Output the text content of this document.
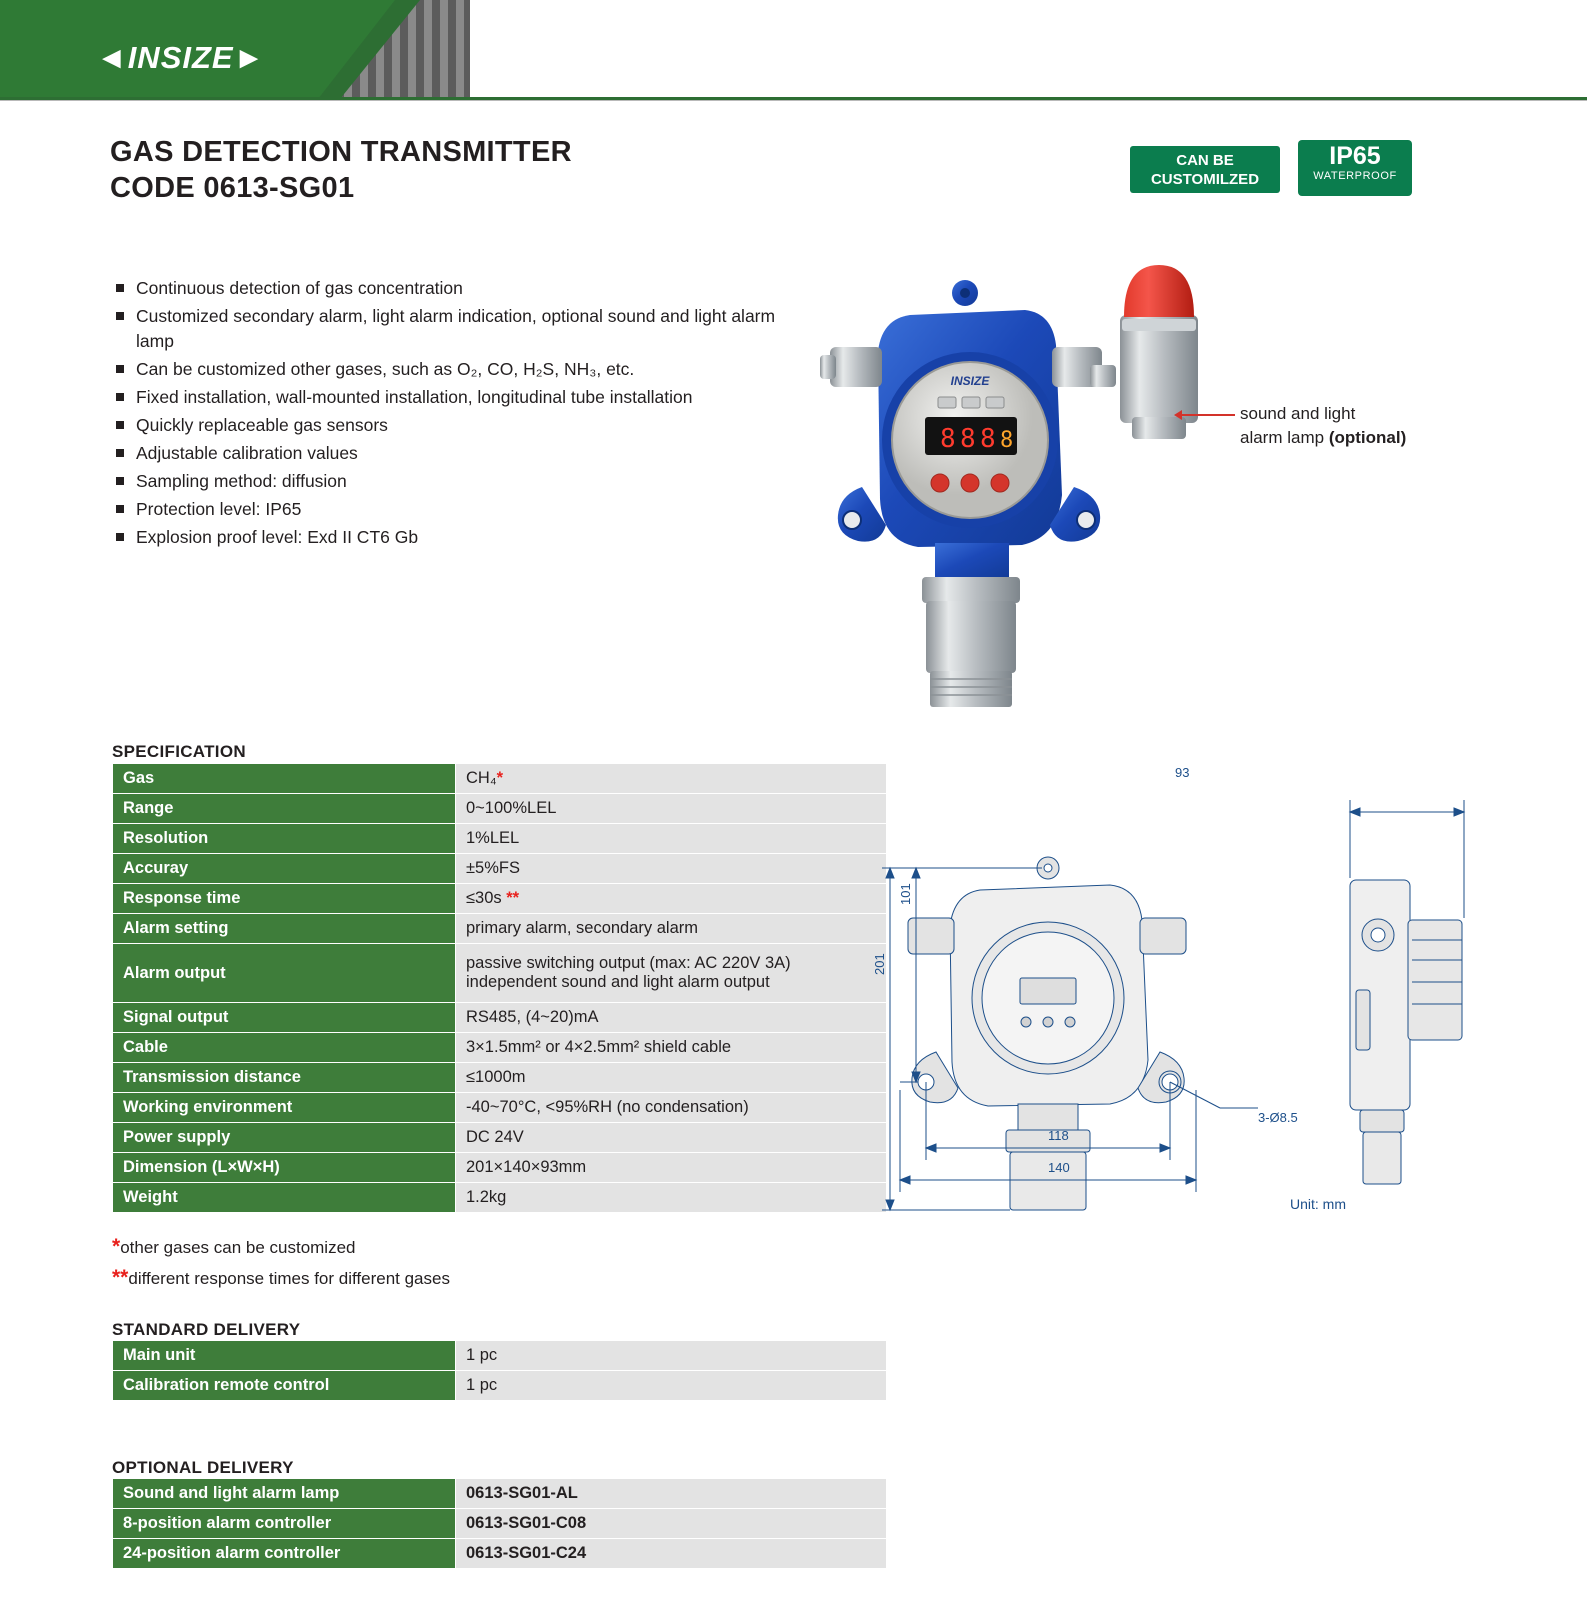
◄INSIZE►
GAS DETECTION TRANSMITTER
CODE 0613-SG01
CAN BE
CUSTOMILZED
IP65
WATERPROOF
Continuous detection of gas concentration
Customized secondary alarm, light alarm indication, optional sound and light alarm lamp
Can be customized other gases, such as O₂, CO, H₂S, NH₃, etc.
Fixed installation, wall-mounted installation, longitudinal tube installation
Quickly replaceable gas sensors
Adjustable calibration values
Sampling method: diffusion
Protection level: IP65
Explosion proof level: Exd II CT6 Gb
INSIZE
8 8 8 8
sound and light
alarm lamp (optional)
SPECIFICATION
Gas	CH₄*
Range	0~100%LEL
Resolution	1%LEL
Accuray	±5%FS
Response time	≤30s **
Alarm setting	primary alarm, secondary alarm
Alarm output	passive switching output (max: AC 220V 3A)
independent sound and light alarm output

Signal output	RS485, (4~20)mA
Cable	3×1.5mm² or 4×2.5mm² shield cable
Transmission distance	≤1000m
Working environment	-40~70°C, <95%RH (no condensation)
Power supply	DC 24V
Dimension (L×W×H)	201×140×93mm
Weight	1.2kg
*other gases can be customized
**different response times for different gases
STANDARD DELIVERY
Main unit	1 pc
Calibration remote control	1 pc
OPTIONAL DELIVERY
Sound and light alarm lamp	0613-SG01-AL
8-position alarm controller	0613-SG01-C08
24-position alarm controller	0613-SG01-C24
93
101
201
118
140
3-Ø8.5
Unit: mm
